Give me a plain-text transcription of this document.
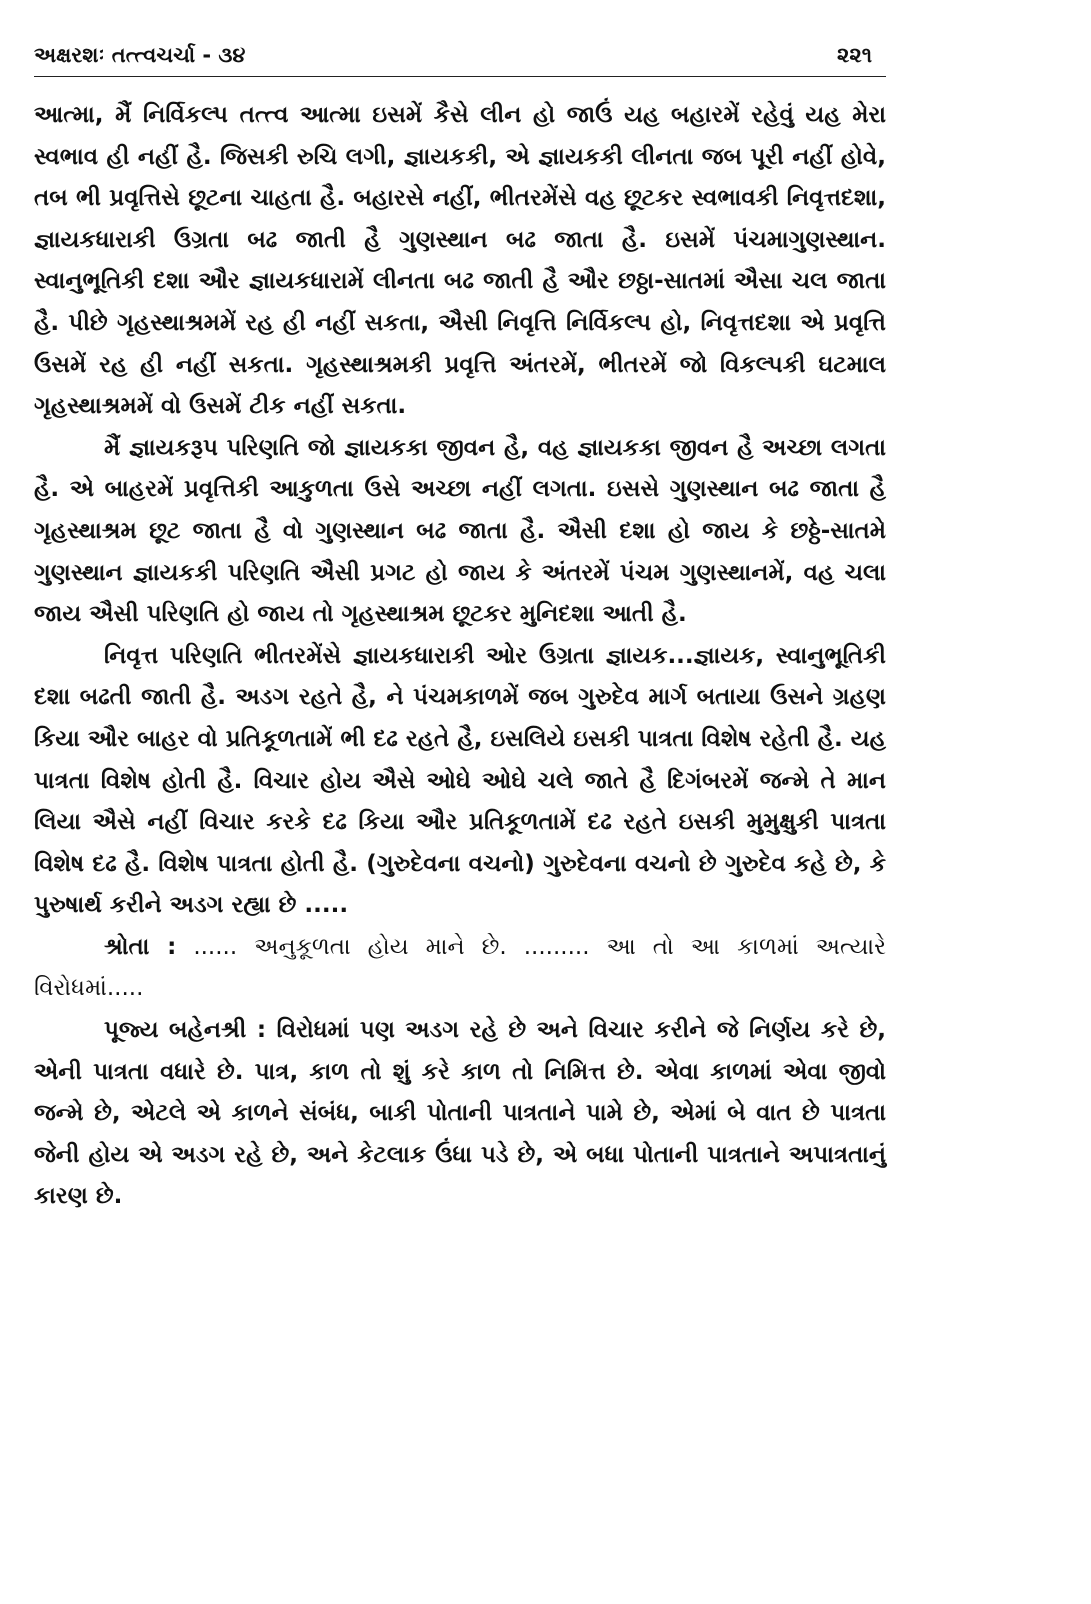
અક્ષરશઃ તત્ત્વચર્ચા - ૩૪	૨૨૧

આત્મા, મૈં નિર્વિકલ્પ તત્ત્વ આત્મા ઇસમેં કૈસે લીન હો જાઉં યહ બહારમેં રહેવું યહ મેરા સ્વભાવ હી નહીં હૈ. જિસકી રુચિ લગી, જ્ઞાયકકી, એ જ્ઞાયકકી લીનતા જબ પૂરી નહીં હોવે, તબ ભી પ્રવૃત્તિસે છૂટના ચાહતા હૈ. બહારસે નહીં, ભીતરમેંસે વહ છૂટકર સ્વભાવકી નિવૃત્તદશા, જ્ઞાયકધારાકી ઉગ્રતા બઢ જાતી હૈ ગુણસ્થાન બઢ જાતા હૈ. ઇસમેં પંચમાગુણસ્થાન. સ્વાનુભૂતિકી દશા ઔર જ્ઞાયકધારામેં લીનતા બઢ જાતી હૈ ઔર છઠ્ઠા-સાતમાં ઐસા ચલ જાતા હૈ. પીછે ગૃહસ્થાશ્રમમેં રહ હી નહીં સકતા, ઐસી નિવૃત્તિ નિર્વિકલ્પ હો, નિવૃત્તદશા એ પ્રવૃત્તિ ઉસમેં રહ હી નહીં સકતા. ગૃહસ્થાશ્રમકી પ્રવૃત્તિ અંતરમેં, ભીતરમેં જો વિકલ્પકી ઘટમાલ ગૃહસ્થાશ્રમમેં વો ઉસમેં ટીક નહીં સકતા.

મૈં જ્ઞાયકરૂપ પરિણતિ જો જ્ઞાયકકા જીવન હૈ, વહ જ્ઞાયકકા જીવન હૈ અચ્છા લગતા હૈ. એ બાહરમેં પ્રવૃત્તિકી આકુળતા ઉસે અચ્છા નહીં લગતા. ઇસસે ગુણસ્થાન બઢ જાતા હૈ ગૃહસ્થાશ્રમ છૂટ જાતા હૈ વો ગુણસ્થાન બઢ જાતા હૈ. ઐસી દશા હો જાય કે છઠ્ઠે-સાતમે ગુણસ્થાન જ્ઞાયકકી પરિણતિ ઐસી પ્રગટ હો જાય કે અંતરમેં પંચમ ગુણસ્થાનમેં, વહ ચલા જાય ઐસી પરિણતિ હો જાય તો ગૃહસ્થાશ્રમ છૂટકર મુનિદશા આતી હૈ.

નિવૃત્ત પરિણતિ ભીતરમેંસે જ્ઞાયકધારાકી ઓર ઉગ્રતા જ્ઞાયક...જ્ઞાયક, સ્વાનુભૂતિકી દશા બઢતી જાતી હૈ. અડગ રહતે હૈ, ને પંચમકાળમેં જબ ગુરુદેવ માર્ગ બતાયા ઉસને ગ્રહણ કિયા ઔર બાહર વો પ્રતિકૂળતામેં ભી દઢ રહતે હૈ, ઇસલિયે ઇસકી પાત્રતા વિશેષ રહેતી હૈ. યહ પાત્રતા વિશેષ હોતી હૈ. વિચાર હોય ઐસે ઓઘે ઓઘે ચલે જાતે હૈ દિગંબરમેં જન્મે તે માન લિયા ઐસે નહીં વિચાર કરકે દઢ કિયા ઔર પ્રતિકૂળતામેં દઢ રહતે ઇસકી મુમુક્ષુકી પાત્રતા વિશેષ દઢ હૈ. વિશેષ પાત્રતા હોતી હૈ. (ગુરુદેવના વચનો) ગુરુદેવના વચનો છે ગુરુદેવ કહે છે, કે પુરુષાર્થ કરીને અડગ રહ્યા છે .....

શ્રોતા : ...... અનુકૂળતા હોય માને છે. ......... આ તો આ કાળમાં અત્યારે વિરોધમાં.....

પૂજ્ય બહેનશ્રી : વિરોધમાં પણ અડગ રહે છે અને વિચાર કરીને જે નિર્ણય કરે છે, એની પાત્રતા વધારે છે. પાત્ર, કાળ તો શું કરે કાળ તો નિમિત્ત છે. એવા કાળમાં એવા જીવો જન્મે છે, એટલે એ કાળને સંબંધ, બાકી પોતાની પાત્રતાને પામે છે, એમાં બે વાત છે પાત્રતા જેની હોય એ અડગ રહે છે, અને કેટલાક ઉંધા પડે છે, એ બધા પોતાની પાત્રતાને અપાત્રતાનું કારણ છે.
